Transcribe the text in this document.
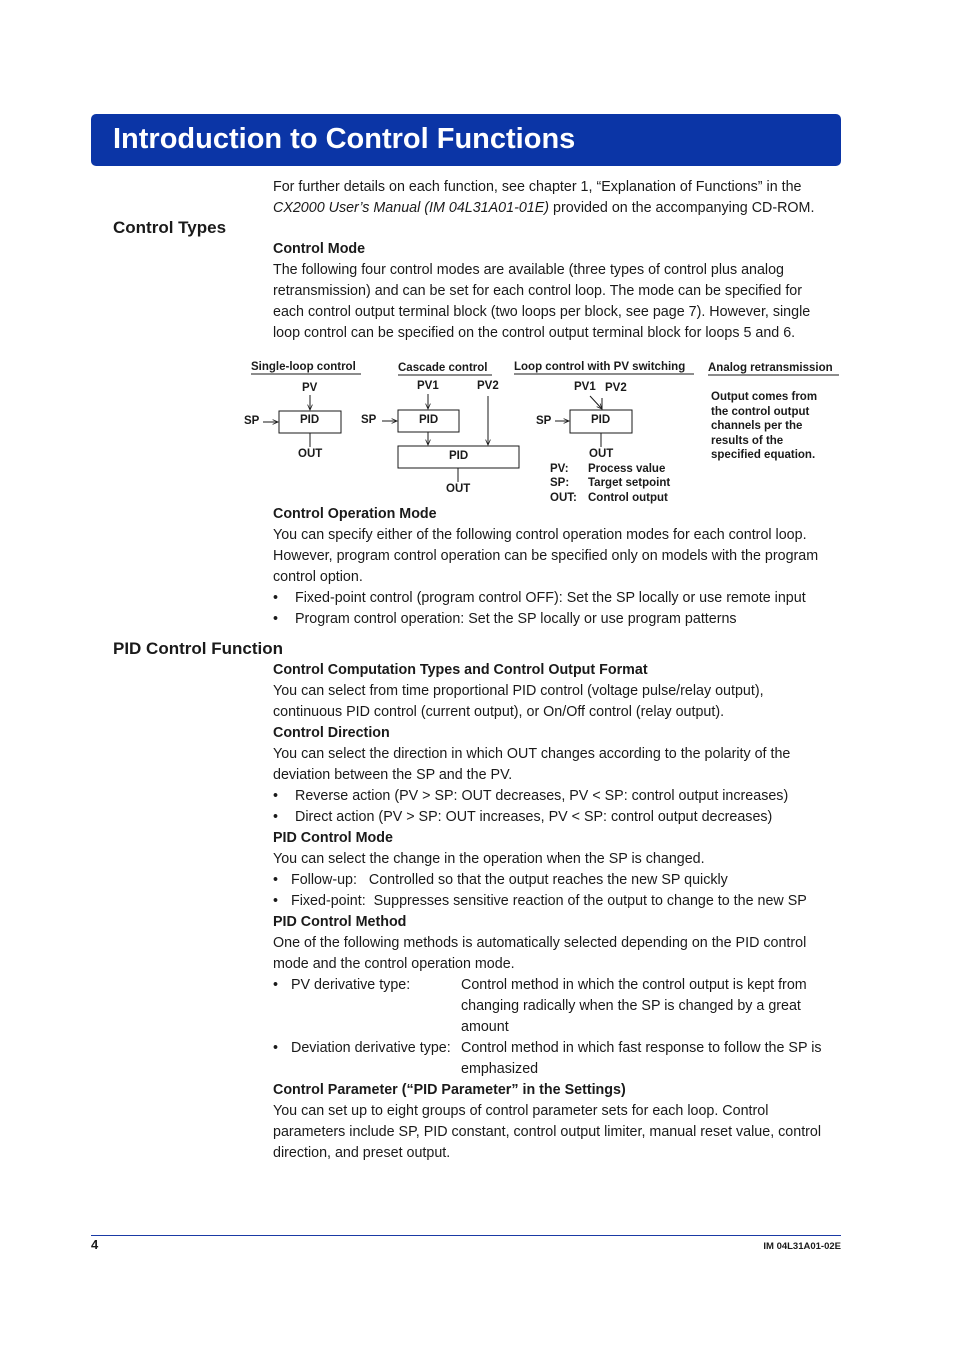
Introduction to Control Functions
For further details on each function, see chapter 1, “Explanation of Functions” in the
CX2000 User’s Manual (IM 04L31A01-01E) provided on the accompanying CD-ROM.
Control Types
Control Mode
The following four control modes are available (three types of control plus analog
retransmission) and can be set for each control loop. The mode can be specified for
each control output terminal block (two loops per block, see page 7). However, single
loop control can be specified on the control output terminal block for loops 5 and 6.
Single-loop control	Cascade control Loop control with PV switching Analog retransmission
PV
SP	PID
OUT
PV1	PV2
SP	PID
PID
OUT
PV1 PV2
SP	PID
OUT
PV: Process value
SP: Target setpoint
OUT: Control output
Output comes from
the control output
channels per the
results of the
specified equation.
Control Operation Mode
You can specify either of the following control operation modes for each control loop.
However, program control operation can be specified only on models with the program
control option.
• Fixed-point control (program control OFF): Set the SP locally or use remote input
• Program control operation: Set the SP locally or use program patterns
PID Control Function
Control Computation Types and Control Output Format
You can select from time proportional PID control (voltage pulse/relay output),
continuous PID control (current output), or On/Off control (relay output).
Control Direction
You can select the direction in which OUT changes according to the polarity of the
deviation between the SP and the PV.
• Reverse action (PV > SP: OUT decreases, PV < SP: control output increases)
• Direct action (PV > SP: OUT increases, PV < SP: control output decreases)
PID Control Mode
You can select the change in the operation when the SP is changed.
• Follow-up:   Controlled so that the output reaches the new SP quickly
• Fixed-point:  Suppresses sensitive reaction of the output to change to the new SP
PID Control Method
One of the following methods is automatically selected depending on the PID control
mode and the control operation mode.
• PV derivative type:	Control method in which the control output is kept from
changing radically when the SP is changed by a great
amount
• Deviation derivative type: Control method in which fast response to follow the SP is
emphasized
Control Parameter (“PID Parameter” in the Settings)
You can set up to eight groups of control parameter sets for each loop. Control
parameters include SP, PID constant, control output limiter, manual reset value, control
direction, and preset output.
4	IM 04L31A01-02E
